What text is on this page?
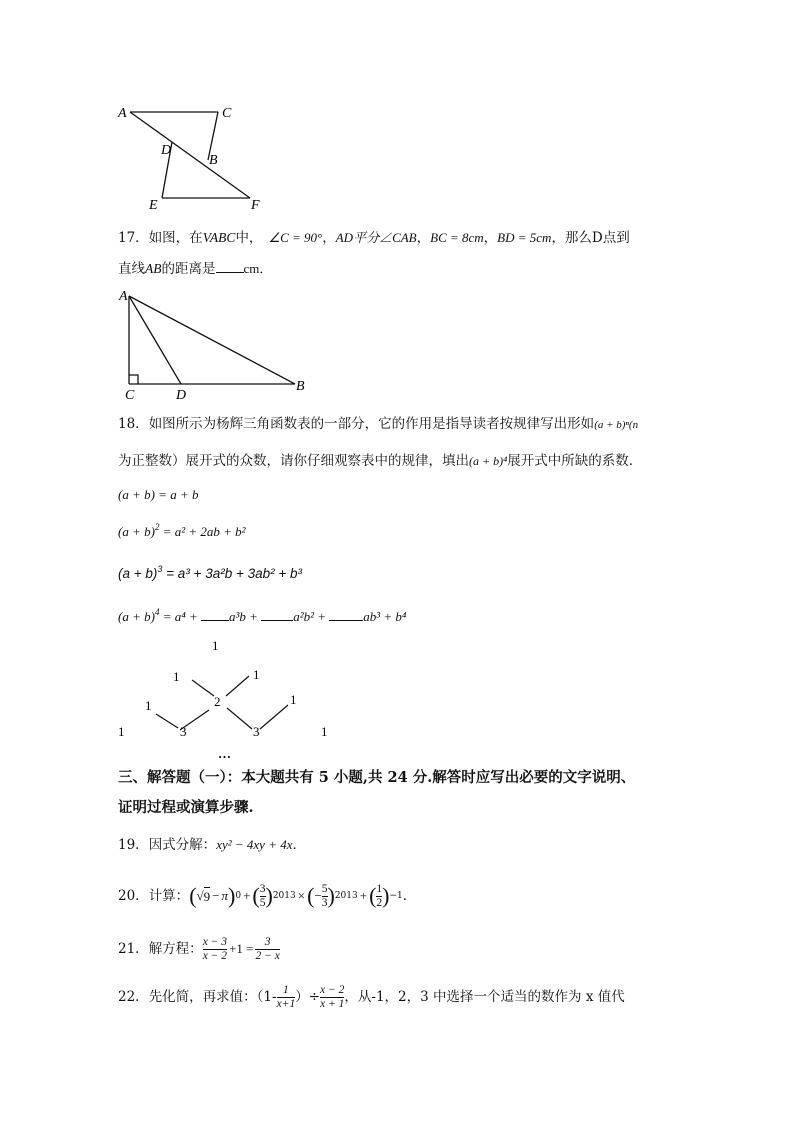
A	C
D
B
E	F
17．如图，在VABC中， ∠C = 90°，AD平分∠CAB，BC = 8cm，BD = 5cm，那么D点到
直线AB的距离是 cm．
A
C	D
B
18．如图所示为杨辉三角函数表的一部分，它的作用是指导读者按规律写出形如(a + b)ⁿ(n
为正整数）展开式的众数，请你仔细观察表中的规律，填出(a + b)⁴展开式中所缺的系数．
(a + b) = a + b
$(a + b)^2 = a^2 + 2ab + b^2$
$(a + b)^3 = a^3 + 3a^2b + 3ab^2 + b^3$
$(a + b)^4 = a^4 + a^3b + a^2b^2$ +	ab³ + b⁴
1
1	1
1	2	1
1	3	3	1
…
三、解答题（一）：本大题共有 5 小题,共 24 分.解答时应写出必要的文字说明、
证明过程或演算步骤.
19．因式分解：xy² − 4xy + 4x．
20． 计算： ( √ 9 − π ) 0 + ( $\frac{3}{5}$ ) 2013 × ( − $\frac{5}{3}$ ) 2013 + ( $\frac{1}{2}$ ) −1 ．
21． 解方程： $\frac{x - 3}{x - 2} +1 = \frac{3}{2 - x}$
22． 先化简，再求值：（$1- \frac{1}{x+1}$ ）÷ $\frac{x - 2}{x + 1}$ ，从-1，2，3 中选择一个适当的数作为 x 值代
